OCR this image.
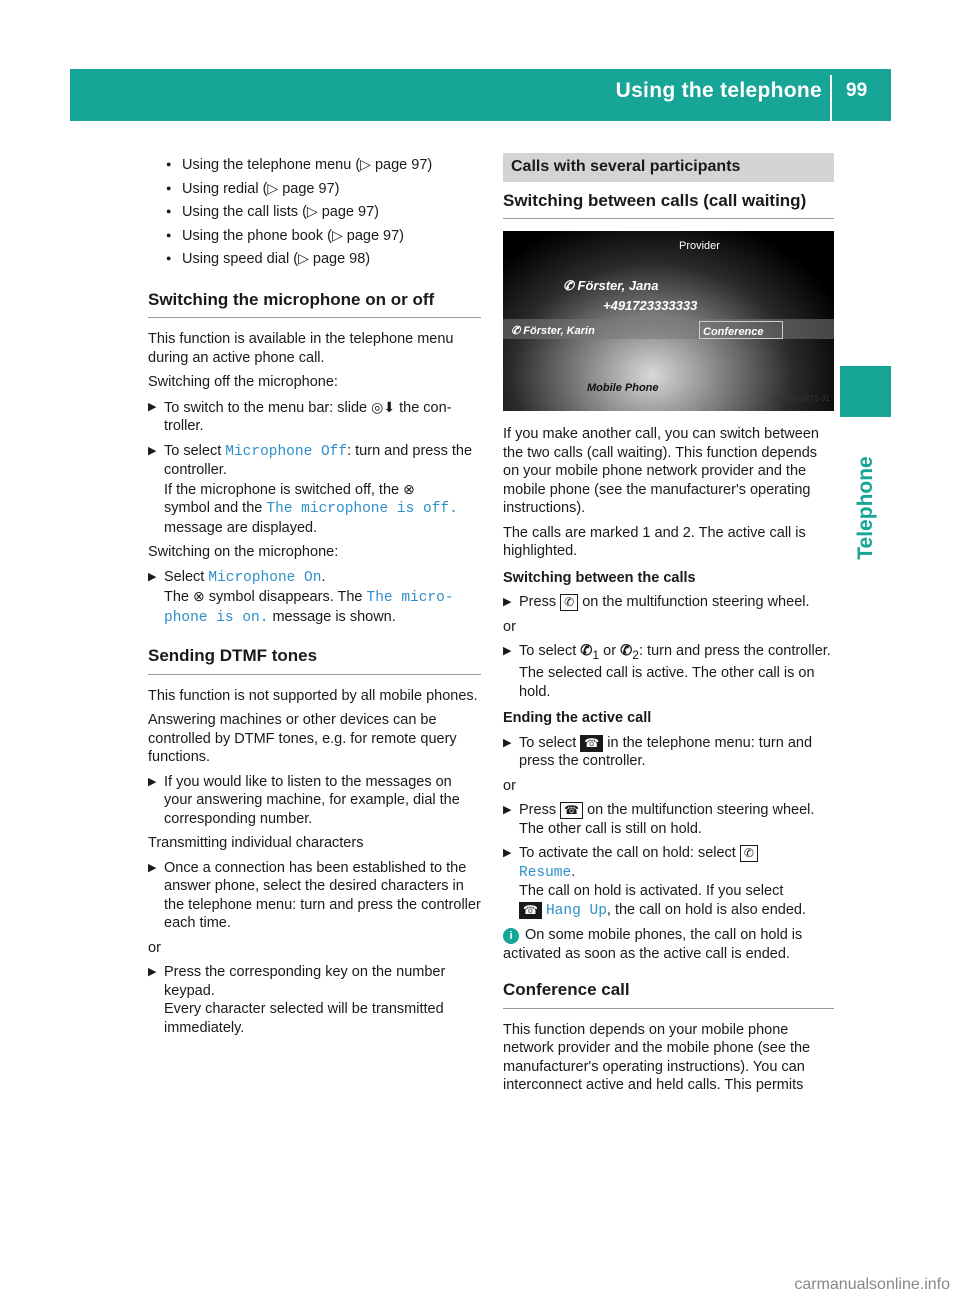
Using the telephone 99
Telephone
● Using the telephone menu (▷ page 97)
● Using redial (▷ page 97)
● Using the call lists (▷ page 97)
● Using the phone book (▷ page 97)
● Using speed dial (▷ page 98)
Switching the microphone on or off

This function is available in the telephone menu during an active phone call.

Switching off the microphone:

▶ To switch to the menu bar: slide ◎⬇ the controller.
▶ To select Microphone Off: turn and press the controller.
If the microphone is switched off, the ⊗
symbol and the The microphone is off.
message are displayed.

Switching on the microphone:

▶ Select Microphone On.
The ⊗ symbol disappears. The The micro‑ phone is on. message is shown.
Sending DTMF tones

This function is not supported by all mobile phones.

Answering machines or other devices can be controlled by DTMF tones, e.g. for remote query functions.

▶ If you would like to listen to the messages on your answering machine, for example, dial the corresponding number.

Transmitting individual characters

▶ Once a connection has been established to the answer phone, select the desired characters in the telephone menu: turn and press the controller each time.

or

▶ Press the corresponding key on the number keypad.
Every character selected will be transmitted immediately.
Calls with several participants
Switching between calls (call waiting)
Provider
✆ Förster, Jana
+491723333333
✆ Förster, Karin	Conference
Mobile Phone
P82.89-0873-31

If you make another call, you can switch between the two calls (call waiting). This function depends on your mobile phone network provider and the mobile phone (see the manufacturer's operating instructions).

The calls are marked 1 and 2. The active call is highlighted.

Switching between the calls
▶ Press ✆ on the multifunction steering wheel.

or

▶ To select $✆_1$ or $✆_2$: turn and press the controller.
The selected call is active. The other call is on hold.
Ending the active call
▶ To select ☎ in the telephone menu: turn and press the controller.

or

▶ Press ☎ on the multifunction steering wheel.
The other call is still on hold.
▶ To activate the call on hold: select ✆
Resume.
The call on hold is activated. If you select
☎ Hang Up, the call on hold is also ended.

i On some mobile phones, the call on hold is activated as soon as the active call is ended.

Conference call

This function depends on your mobile phone network provider and the mobile phone (see the manufacturer's operating instructions). You can interconnect active and held calls. This permits

carmanualsonline.info
